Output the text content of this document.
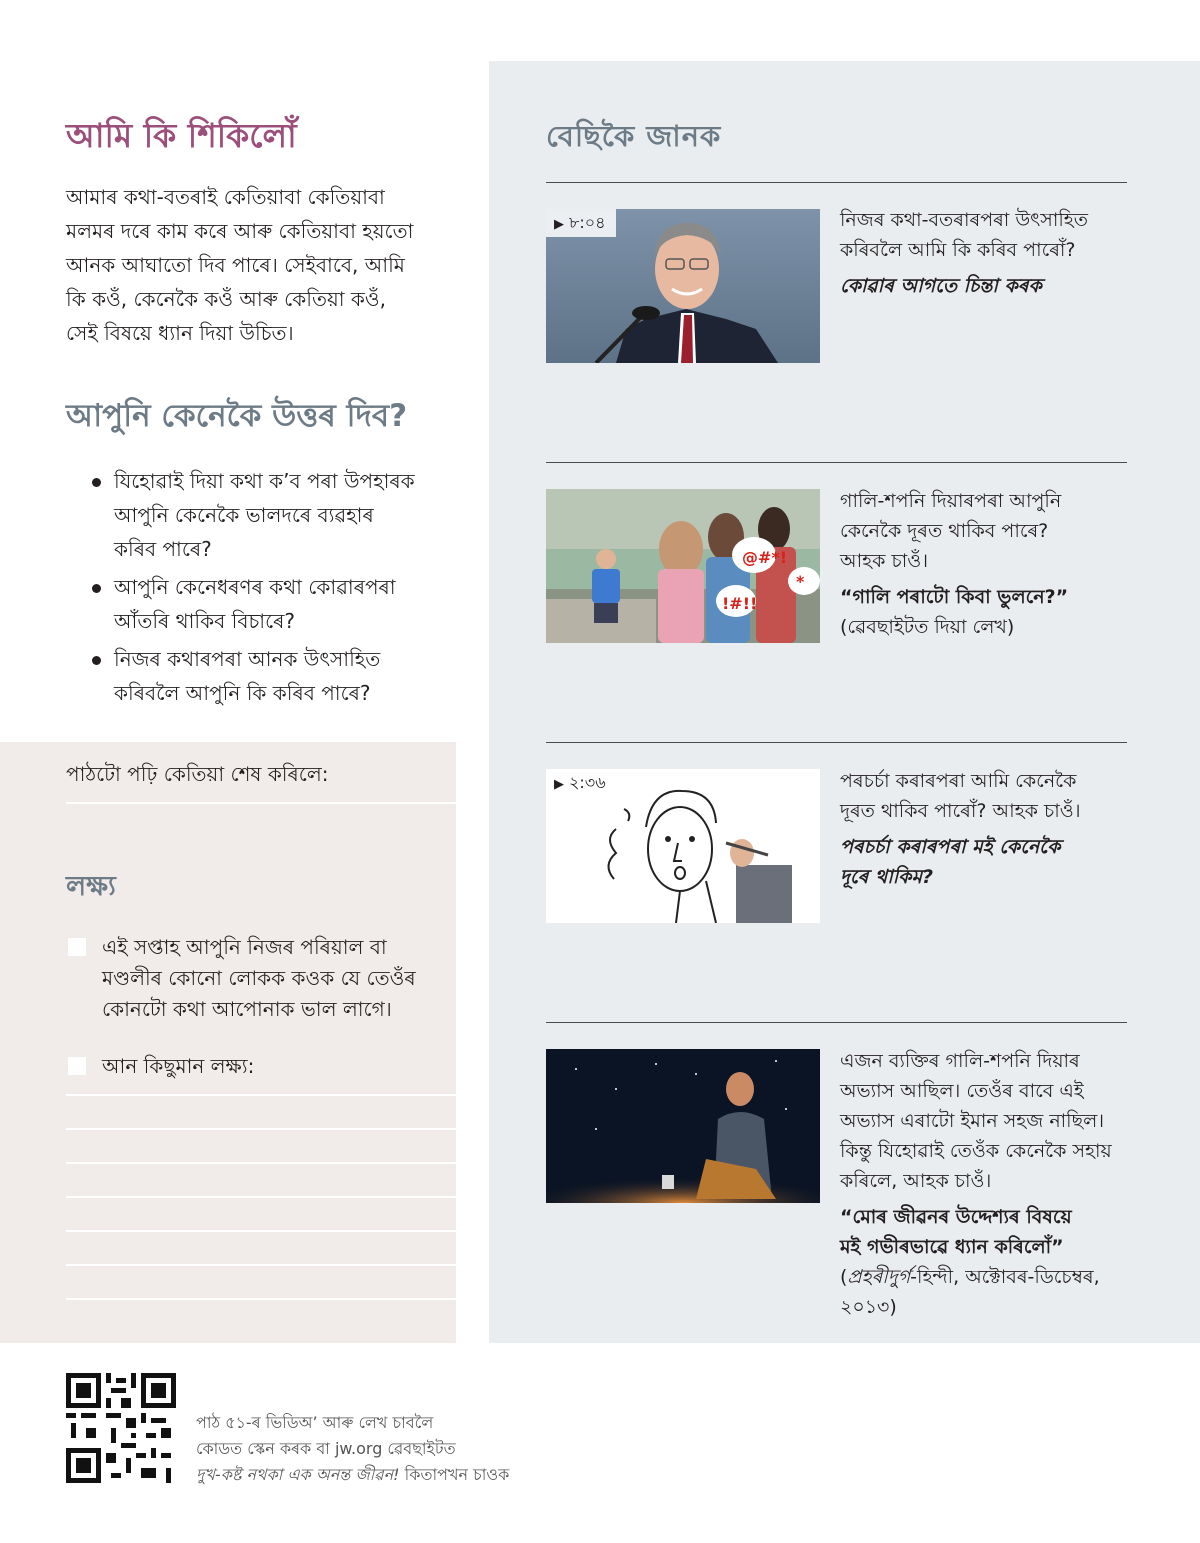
আমি কি শিকিলোঁ
আমাৰ কথা-বতৰাই কেতিয়াবা কেতিয়াবা
মলমৰ দৰে কাম কৰে আৰু কেতিয়াবা হয়তো
আনক আঘাতো দিব পাৰে। সেইবাবে, আমি
কি কওঁ, কেনেকৈ কওঁ আৰু কেতিয়া কওঁ,
সেই বিষয়ে ধ্যান দিয়া উচিত।
আপুনি কেনেকৈ উত্তৰ দিব?
যিহোৱাই দিয়া কথা ক’ব পৰা উপহাৰক
আপুনি কেনেকৈ ভালদৰে ব্যৱহাৰ
কৰিব পাৰে?
আপুনি কেনেধৰণৰ কথা কোৱাৰপৰা
আঁতৰি থাকিব বিচাৰে?
নিজৰ কথাৰপৰা আনক উৎসাহিত
কৰিবলৈ আপুনি কি কৰিব পাৰে?
পাঠটো পঢ়ি কেতিয়া শেষ কৰিলে:
লক্ষ্য
এই সপ্তাহ আপুনি নিজৰ পৰিয়াল বা
মণ্ডলীৰ কোনো লোকক কওক যে তেওঁৰ
কোনটো কথা আপোনাক ভাল লাগে।
আন কিছুমান লক্ষ্য:
বেছিকৈ জানক
▶ ৮:০৪	নিজৰ কথা-বতৰাৰপৰা উৎসাহিত
কৰিবলৈ আমি কি কৰিব পাৰোঁ?
কোৱাৰ আগতে চিন্তা কৰক
@#*!
!#!!
*
গালি-শপনি দিয়াৰপৰা আপুনি
কেনেকৈ দূৰত থাকিব পাৰে?
আহক চাওঁ।
“গালি পৰাটো কিবা ভুলনে?”
(ৱেবছাইটত দিয়া লেখ)
▶ ২:৩৬	পৰচৰ্চা কৰাৰপৰা আমি কেনেকৈ
দূৰত থাকিব পাৰোঁ? আহক চাওঁ।
পৰচৰ্চা কৰাৰপৰা মই কেনেকৈ
দূৰে থাকিম?
এজন ব্যক্তিৰ গালি-শপনি দিয়াৰ
অভ্যাস আছিল। তেওঁৰ বাবে এই
অভ্যাস এৰাটো ইমান সহজ নাছিল।
কিন্তু যিহোৱাই তেওঁক কেনেকৈ সহায়
কৰিলে, আহক চাওঁ।
“মোৰ জীৱনৰ উদ্দেশ্যৰ বিষয়ে
মই গভীৰভাৱে ধ্যান কৰিলোঁ”
(প্ৰহৰীদুৰ্গ-হিন্দী, অক্টোবৰ-ডিচেম্বৰ,
২০১৩)
পাঠ ৫১-ৰ ভিডিঅ’ আৰু লেখ চাবলৈ
কোডত স্কেন কৰক বা jw.org ৱেবছাইটত
দুখ-কষ্ট নথকা এক অনন্ত জীৱন! কিতাপখন চাওক
